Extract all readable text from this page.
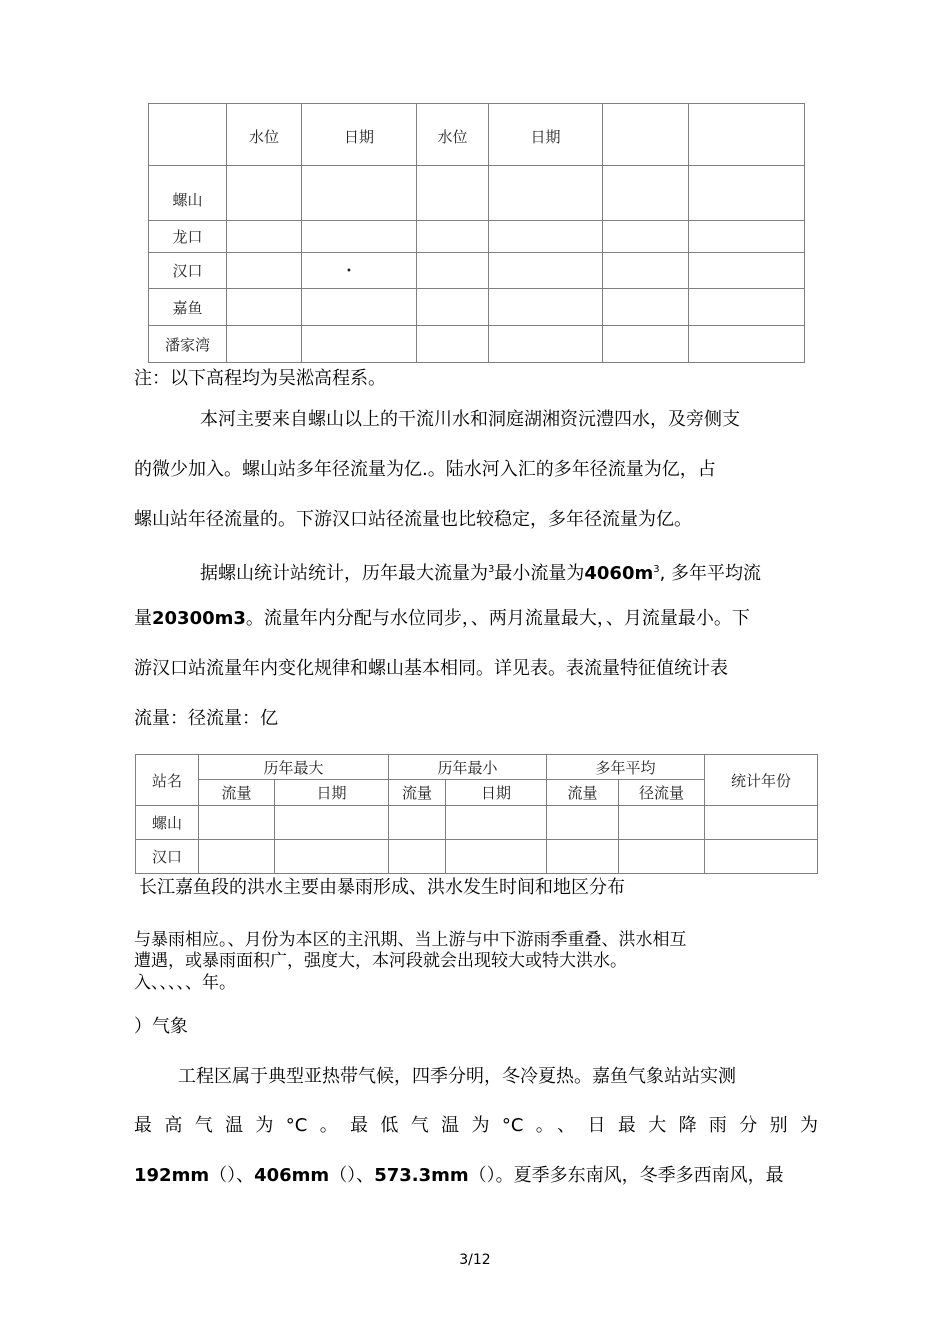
	水位	日期	水位	日期		
螺山						
龙口						
汉口		•				
嘉鱼						
潘家湾						

注：以下高程均为吴淞高程系。

本河主要来自螺山以上的干流川水和洞庭湖湘资沅澧四水，及旁侧支

的微少加入。螺山站多年径流量为亿.。陆水河入汇的多年径流量为亿，占

螺山站年径流量的。下游汉口站径流量也比较稳定，多年径流量为亿。

据螺山统计站统计，历年最大流量为$^3$最小流量为$4060m^3$, 多年平均流

量20300m3。流量年内分配与水位同步，、两月流量最大，、月流量最小。下

游汉口站流量年内变化规律和螺山基本相同。详见表。表流量特征值统计表

流量：径流量：亿

站名	历年最大		历年最小		多年平均		统计年份
	流量	日期	流量	日期	流量	径流量	
螺山							
汉口							

长江嘉鱼段的洪水主要由暴雨形成、洪水发生时间和地区分布

与暴雨相应。、月份为本区的主汛期、当上游与中下游雨季重叠、洪水相互

遭遇，或暴雨面积广，强度大，本河段就会出现较大或特大洪水。

入、、、、、年。

）气象

工程区属于典型亚热带气候，四季分明，冬冷夏热。嘉鱼气象站站实测

最高气温为°C。最低气温为°C。、日最大降雨分别为

192mm（）、406mm（）、573.3mm（）。夏季多东南风，冬季多西南风，最

3/12
